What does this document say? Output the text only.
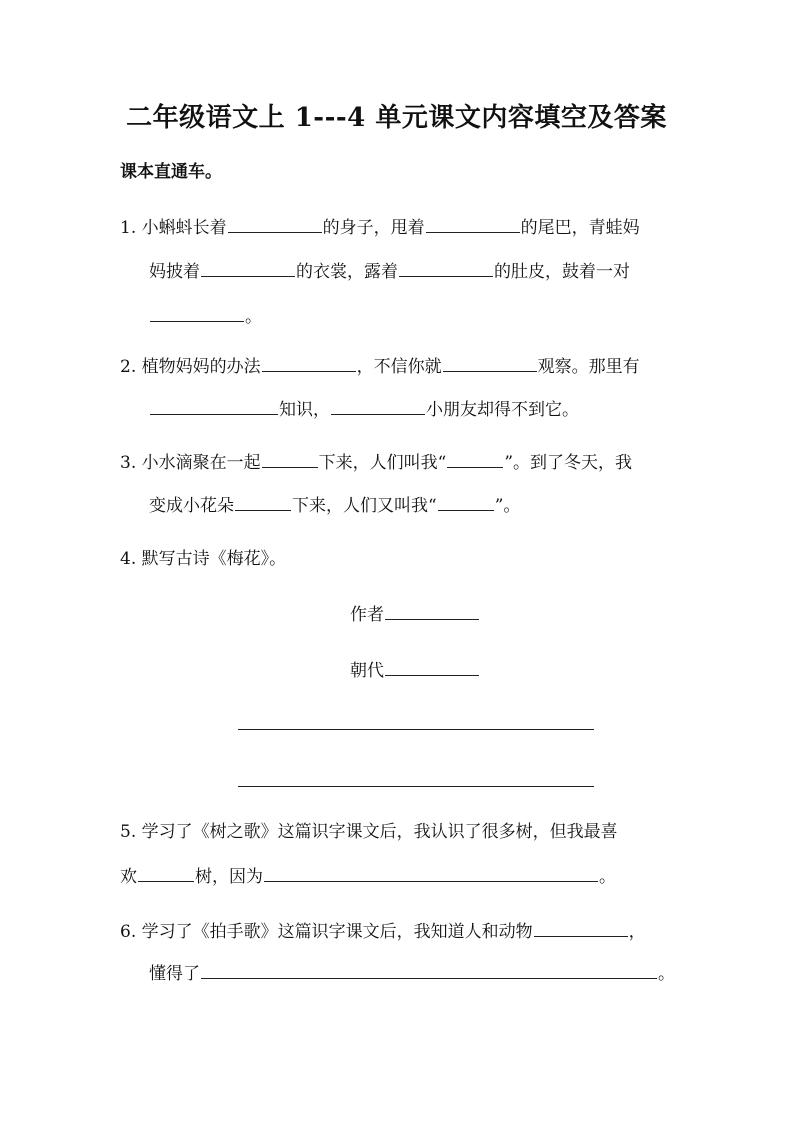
二年级语文上 1---4 单元课文内容填空及答案
课本直通车。
1. 小蝌蚪长着	的身子，甩着	的尾巴，青蛙妈
妈披着	的衣裳，露着	的肚皮，鼓着一对
。
2. 植物妈妈的办法	，不信你就	观察。那里有
知识，	小朋友却得不到它。
3. 小水滴聚在一起	下来，人们叫我“	”。到了冬天，我
变成小花朵	下来，人们又叫我“	”。
4. 默写古诗《梅花》。
作者
朝代
5. 学习了《树之歌》这篇识字课文后，我认识了很多树，但我最喜
欢	树，因为	。
6. 学习了《拍手歌》这篇识字课文后，我知道人和动物	，
懂得了	。
